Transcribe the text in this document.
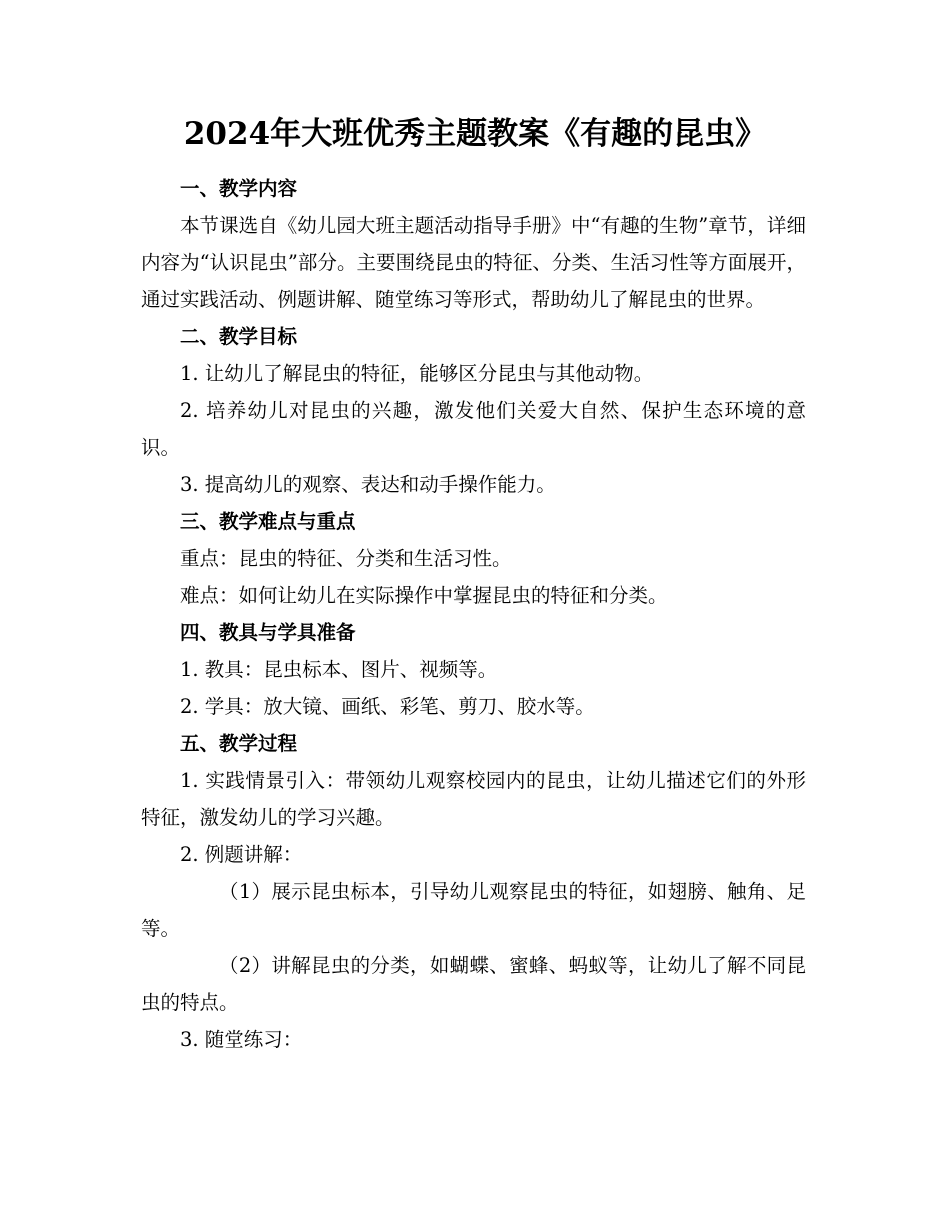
2024年大班优秀主题教案《有趣的昆虫》

一、教学内容

本节课选自《幼儿园大班主题活动指导手册》中“有趣的生物”章节，详细内容为“认识昆虫”部分。主要围绕昆虫的特征、分类、生活习性等方面展开，通过实践活动、例题讲解、随堂练习等形式，帮助幼儿了解昆虫的世界。

二、教学目标

1. 让幼儿了解昆虫的特征，能够区分昆虫与其他动物。

2. 培养幼儿对昆虫的兴趣，激发他们关爱大自然、保护生态环境的意识。

3. 提高幼儿的观察、表达和动手操作能力。

三、教学难点与重点

重点：昆虫的特征、分类和生活习性。

难点：如何让幼儿在实际操作中掌握昆虫的特征和分类。

四、教具与学具准备

1. 教具：昆虫标本、图片、视频等。

2. 学具：放大镜、画纸、彩笔、剪刀、胶水等。

五、教学过程

1. 实践情景引入：带领幼儿观察校园内的昆虫，让幼儿描述它们的外形特征，激发幼儿的学习兴趣。

2. 例题讲解：

（1）展示昆虫标本，引导幼儿观察昆虫的特征，如翅膀、触角、足等。

（2）讲解昆虫的分类，如蝴蝶、蜜蜂、蚂蚁等，让幼儿了解不同昆虫的特点。

3. 随堂练习：
